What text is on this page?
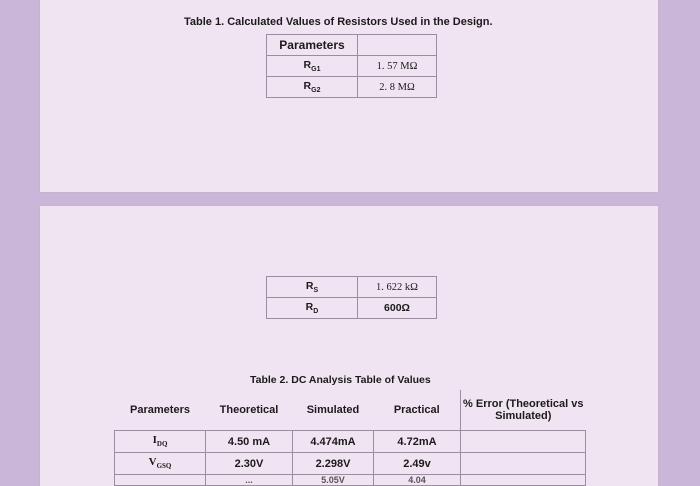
Table 1. Calculated Values of Resistors Used in the Design.
Parameters	
$R_{G1}$	1. 57 MΩ
$R_{G2}$	2. 8 MΩ
$R_S$	1. 622 kΩ
$R_D$	600Ω
Table 2. DC Analysis Table of Values
Parameters	Theoretical	Simulated	Practical	% Error (Theoretical vs Simulated)
$I_{DQ}$	4.50 mA	4.474mA	4.72mA	
$V_{GSQ}$	2.30V	2.298V	2.49v	
	...	5.05V	4.04	
